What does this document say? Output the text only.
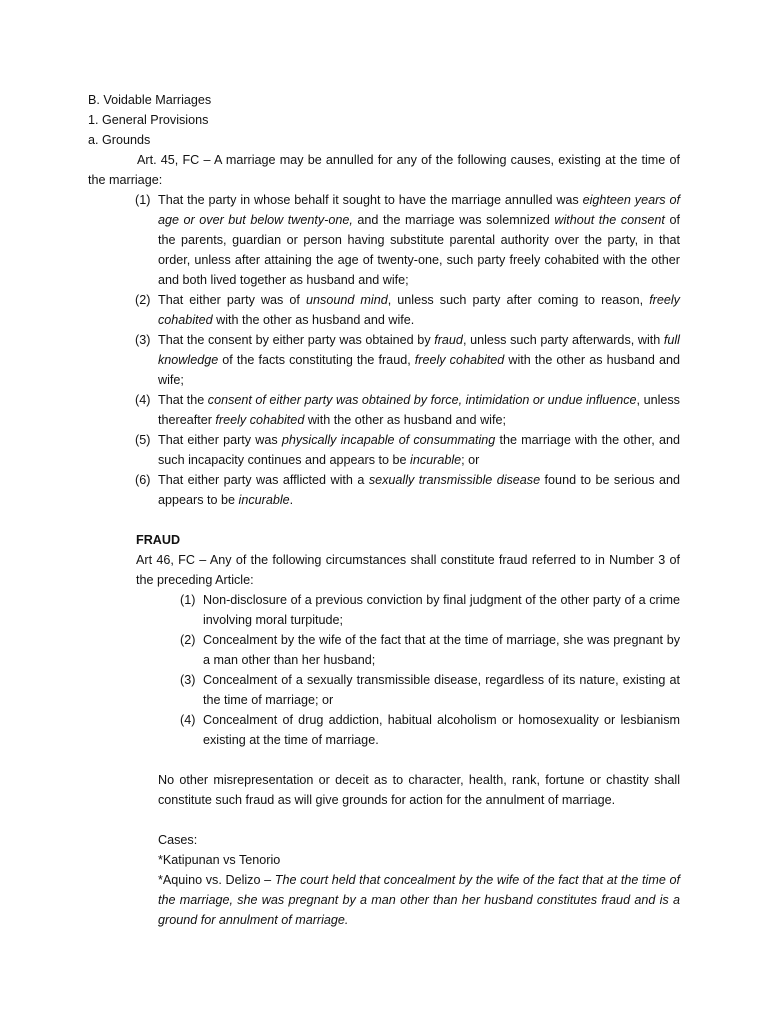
B. Voidable Marriages

1. General Provisions

a. Grounds

Art. 45, FC – A marriage may be annulled for any of the following causes, existing at the time of the marriage:

(1) That the party in whose behalf it sought to have the marriage annulled was eighteen years of age or over but below twenty-one, and the marriage was solemnized without the consent of the parents, guardian or person having substitute parental authority over the party, in that order, unless after attaining the age of twenty-one, such party freely cohabited with the other and both lived together as husband and wife;
(2) That either party was of unsound mind, unless such party after coming to reason, freely cohabited with the other as husband and wife.
(3) That the consent by either party was obtained by fraud, unless such party afterwards, with full knowledge of the facts constituting the fraud, freely cohabited with the other as husband and wife;
(4) That the consent of either party was obtained by force, intimidation or undue influence, unless thereafter freely cohabited with the other as husband and wife;
(5) That either party was physically incapable of consummating the marriage with the other, and such incapacity continues and appears to be incurable; or
(6) That either party was afflicted with a sexually transmissible disease found to be serious and appears to be incurable.

FRAUD

Art 46, FC – Any of the following circumstances shall constitute fraud referred to in Number 3 of the preceding Article:

(1) Non-disclosure of a previous conviction by final judgment of the other party of a crime involving moral turpitude;
(2) Concealment by the wife of the fact that at the time of marriage, she was pregnant by a man other than her husband;
(3) Concealment of a sexually transmissible disease, regardless of its nature, existing at the time of marriage; or
(4) Concealment of drug addiction, habitual alcoholism or homosexuality or lesbianism existing at the time of marriage.

No other misrepresentation or deceit as to character, health, rank, fortune or chastity shall constitute such fraud as will give grounds for action for the annulment of marriage.

Cases:

*Katipunan vs Tenorio

*Aquino vs. Delizo – The court held that concealment by the wife of the fact that at the time of the marriage, she was pregnant by a man other than her husband constitutes fraud and is a ground for annulment of marriage.
